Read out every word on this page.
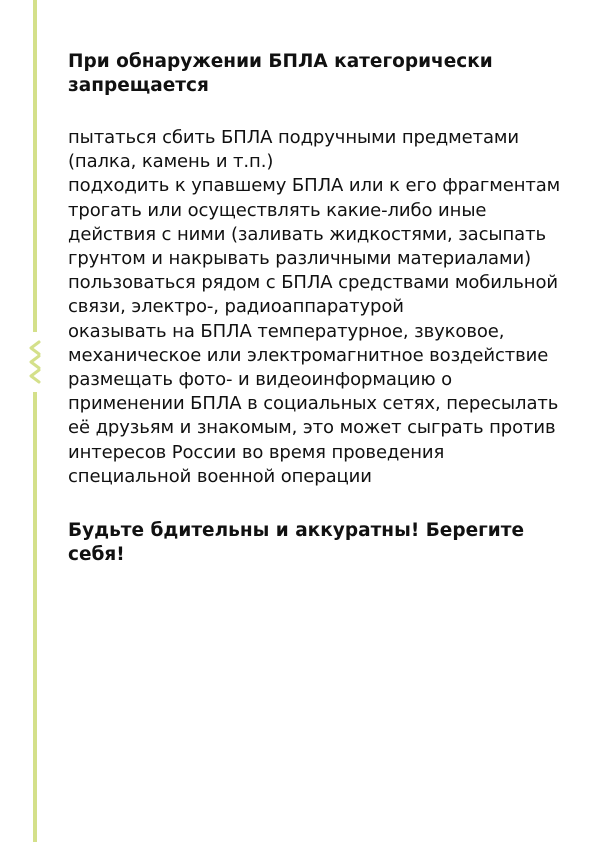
При обнаружении БПЛА категорически запрещается
пытаться сбить БПЛА подручными предметами (палка, камень и т.п.)
подходить к упавшему БПЛА или к его фрагментам
трогать или осуществлять какие-либо иные действия с ними (заливать жидкостями, засыпать грунтом и накрывать различными материалами)
пользоваться рядом с БПЛА средствами мобильной связи, электро-, радиоаппаратурой
оказывать на БПЛА температурное, звуковое, механическое или электромагнитное воздействие
размещать фото- и видеоинформацию о применении БПЛА в социальных сетях, пересылать её друзьям и знакомым, это может сыграть против интересов России во время проведения специальной военной операции

Будьте бдительны и аккуратны! Берегите себя!
